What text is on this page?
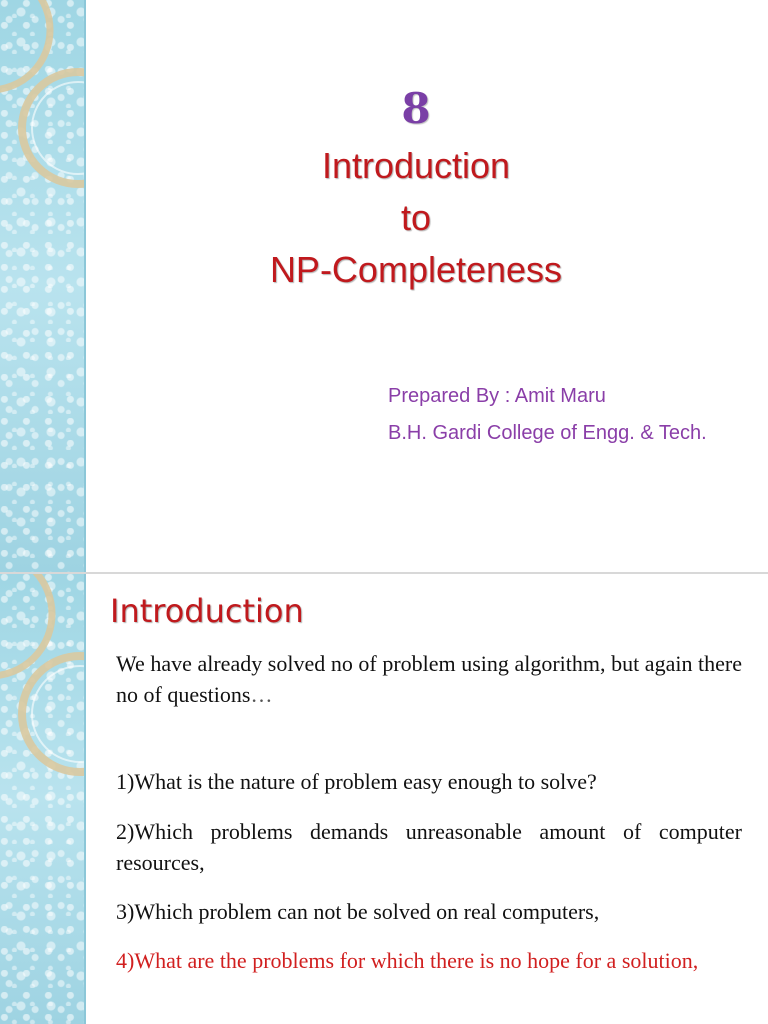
8
Introduction
to
NP-Completeness
Prepared By : Amit Maru
B.H. Gardi College of Engg. & Tech.
Introduction
We have already solved no of problem using algorithm, but again there no of questions…
1)What is the nature of problem easy enough to solve?
2)Which problems demands unreasonable amount of computer resources,
3)Which problem can not be solved on real computers,
4)What are the problems for which there is no hope for a solution,
